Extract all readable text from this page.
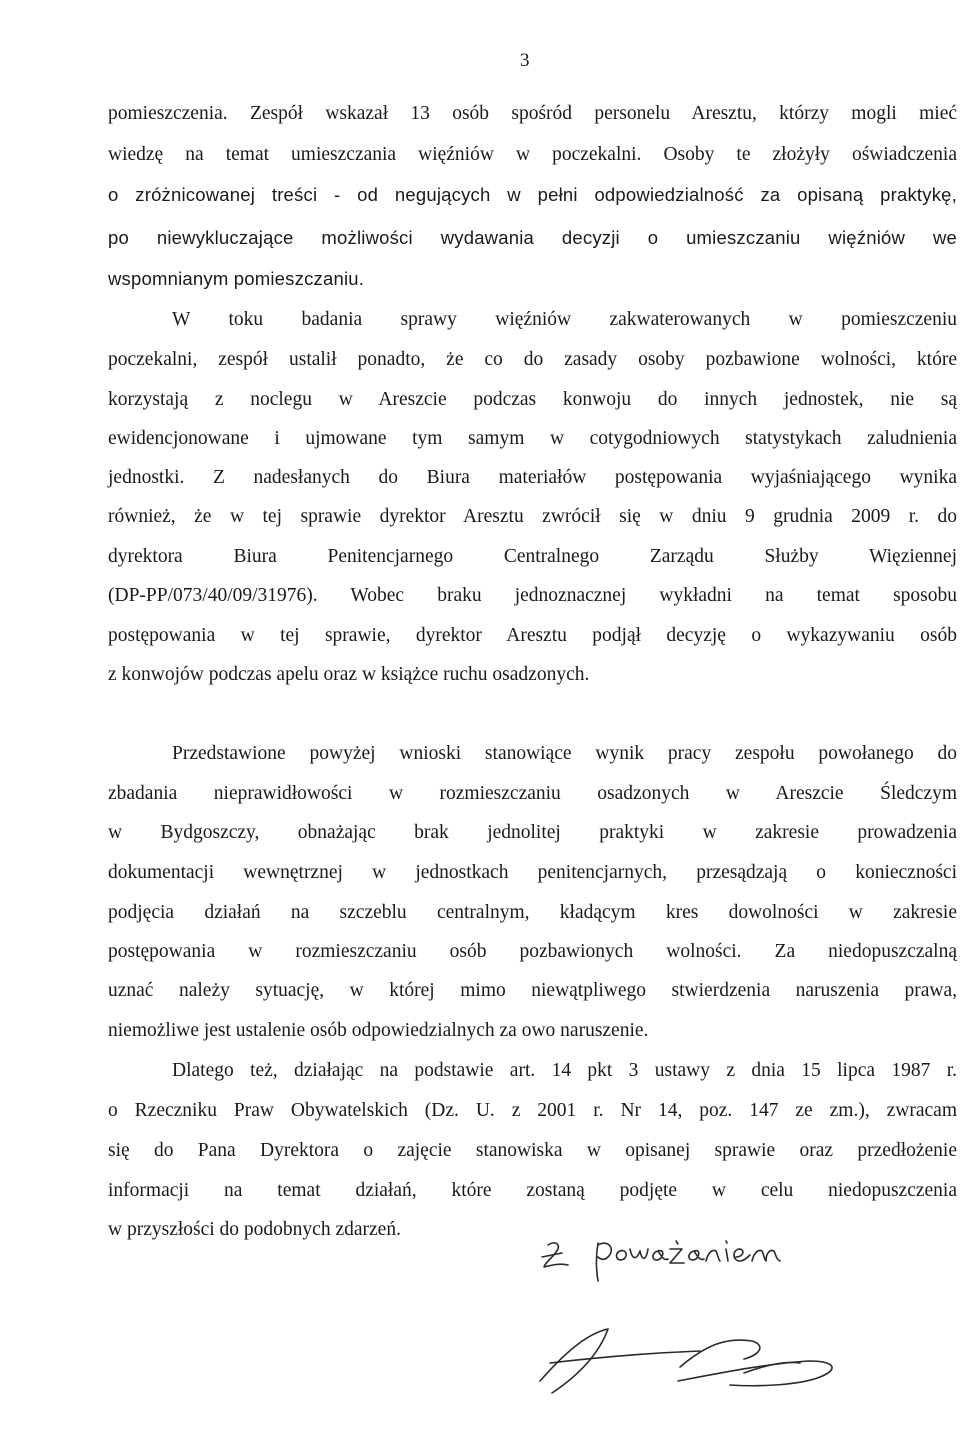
3
pomieszczenia. Zespół wskazał 13 osób spośród personelu Aresztu, którzy mogli mieć
wiedzę na temat umieszczania więźniów w poczekalni. Osoby te złożyły oświadczenia
o zróżnicowanej treści - od negujących w pełni odpowiedzialność za opisaną praktykę,
po niewykluczające możliwości wydawania decyzji o umieszczaniu więźniów we
wspomnianym pomieszczaniu.
W toku badania sprawy więźniów zakwaterowanych w pomieszczeniu
poczekalni, zespół ustalił ponadto, że co do zasady osoby pozbawione wolności, które
korzystają z noclegu w Areszcie podczas konwoju do innych jednostek, nie są
ewidencjonowane i ujmowane tym samym w cotygodniowych statystykach zaludnienia
jednostki. Z nadesłanych do Biura materiałów postępowania wyjaśniającego wynika
również, że w tej sprawie dyrektor Aresztu zwrócił się w dniu 9 grudnia 2009 r. do
dyrektora Biura Penitencjarnego Centralnego Zarządu Służby Więziennej
(DP-PP/073/40/09/31976). Wobec braku jednoznacznej wykładni na temat sposobu
postępowania w tej sprawie, dyrektor Aresztu podjął decyzję o wykazywaniu osób
z konwojów podczas apelu oraz w książce ruchu osadzonych.
Przedstawione powyżej wnioski stanowiące wynik pracy zespołu powołanego do
zbadania nieprawidłowości w rozmieszczaniu osadzonych w Areszcie Śledczym
w Bydgoszczy, obnażając brak jednolitej praktyki w zakresie prowadzenia
dokumentacji wewnętrznej w jednostkach penitencjarnych, przesądzają o konieczności
podjęcia działań na szczeblu centralnym, kładącym kres dowolności w zakresie
postępowania w rozmieszczaniu osób pozbawionych wolności. Za niedopuszczalną
uznać należy sytuację, w której mimo niewątpliwego stwierdzenia naruszenia prawa,
niemożliwe jest ustalenie osób odpowiedzialnych za owo naruszenie.
Dlatego też, działając na podstawie art. 14 pkt 3 ustawy z dnia 15 lipca 1987 r.
o Rzeczniku Praw Obywatelskich (Dz. U. z 2001 r. Nr 14, poz. 147 ze zm.), zwracam
się do Pana Dyrektora o zajęcie stanowiska w opisanej sprawie oraz przedłożenie
informacji na temat działań, które zostaną podjęte w celu niedopuszczenia
w przyszłości do podobnych zdarzeń.
